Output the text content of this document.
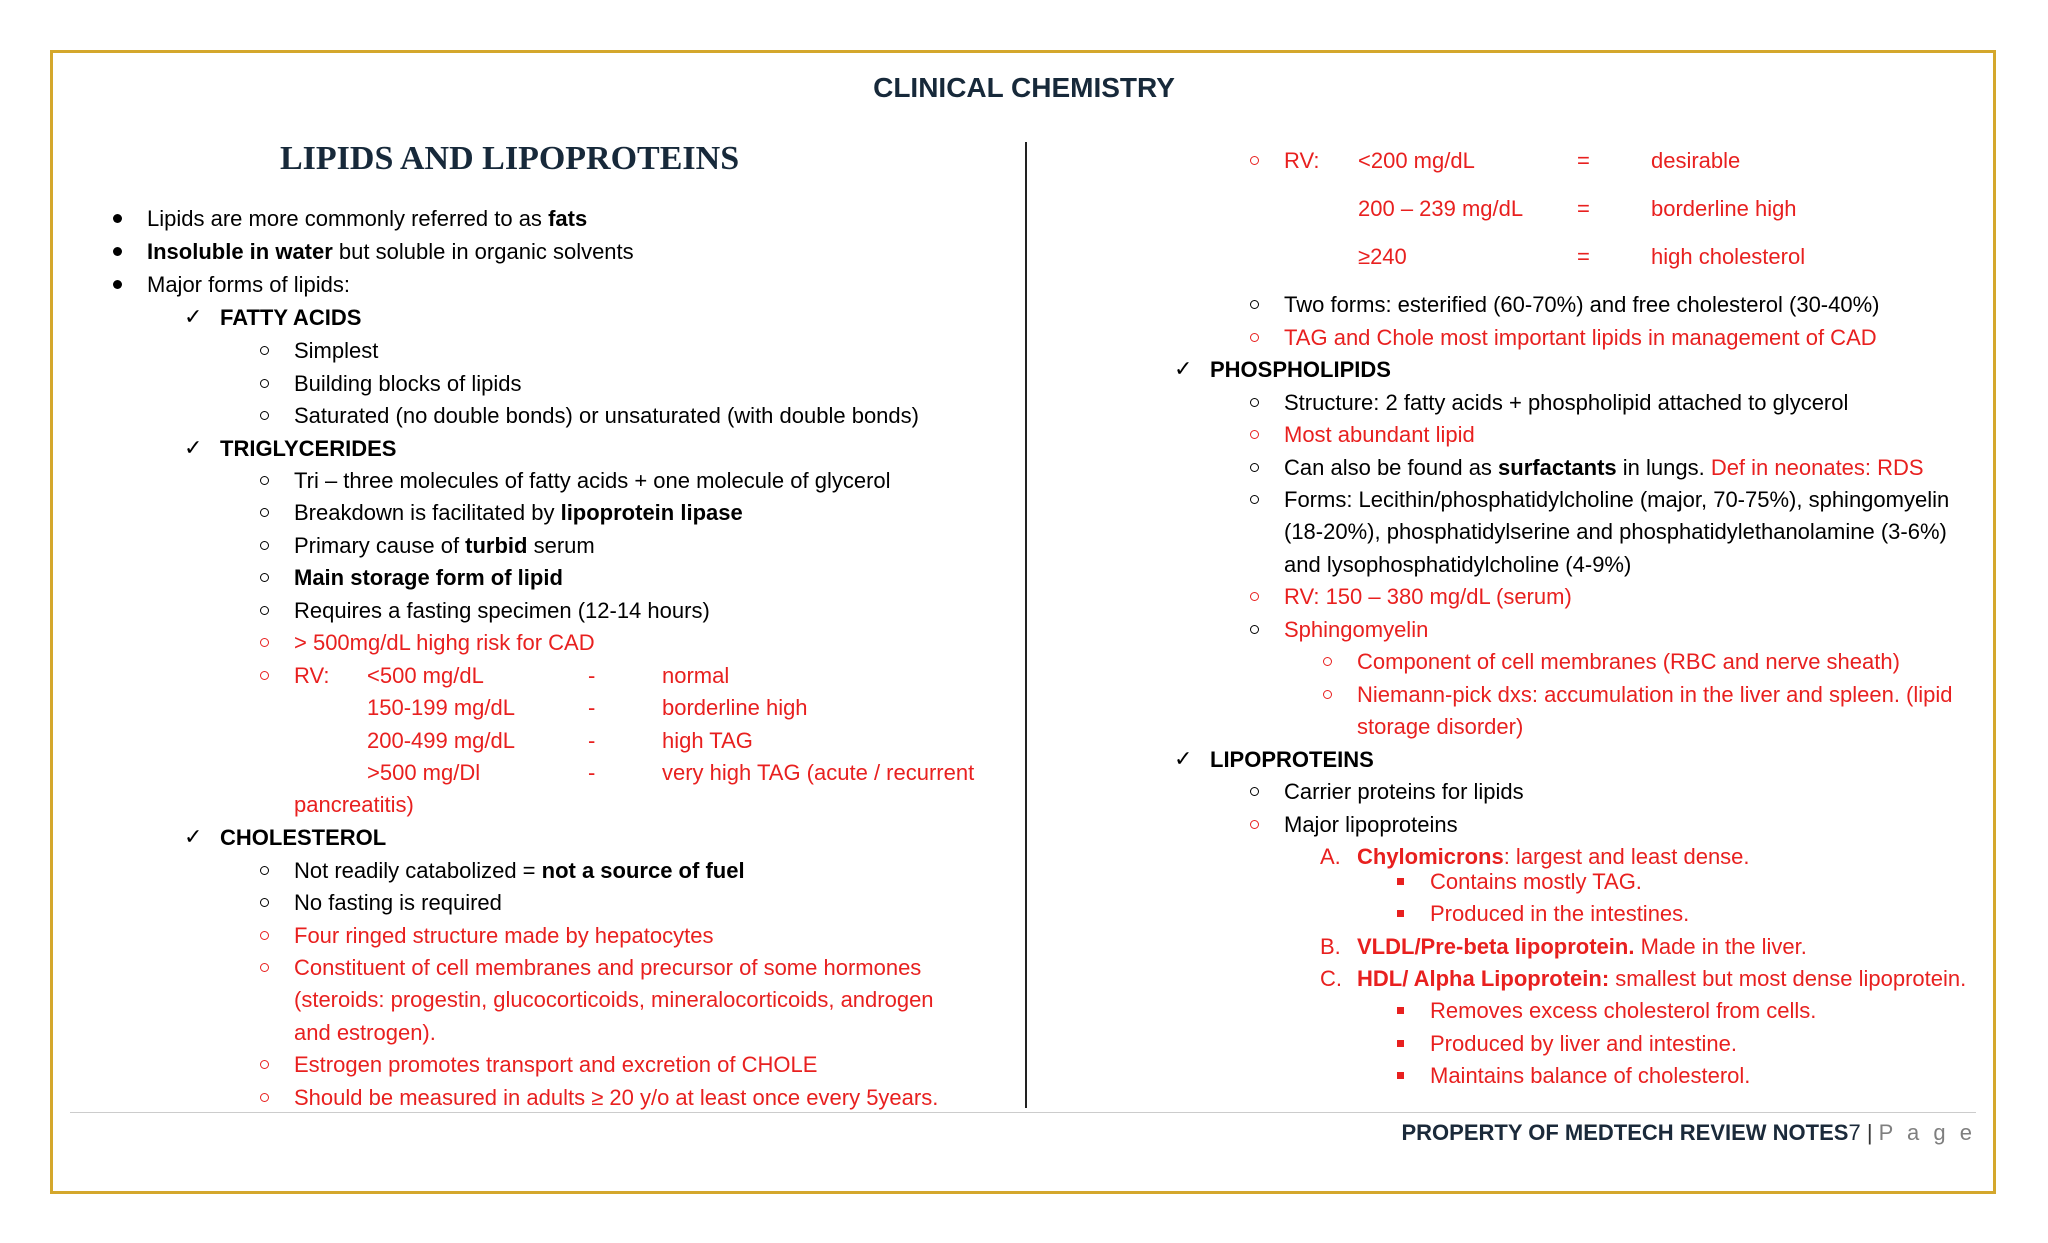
CLINICAL CHEMISTRY
LIPIDS AND LIPOPROTEINS
Lipids are more commonly referred to as fats
Insoluble in water but soluble in organic solvents
Major forms of lipids:
✓ FATTY ACIDS
Simplest
Building blocks of lipids
Saturated (no double bonds) or unsaturated (with double bonds)
✓ TRIGLYCERIDES
Tri – three molecules of fatty acids + one molecule of glycerol
Breakdown is facilitated by lipoprotein lipase
Primary cause of turbid serum
Main storage form of lipid
Requires a fasting specimen (12-14 hours)
> 500mg/dL highg risk for CAD
RV: <500 mg/dL	-	normal
150-199 mg/dL	-	borderline high
200-499 mg/dL	-	high TAG
>500 mg/Dl	-	very high TAG (acute / recurrent
pancreatitis)
✓ CHOLESTEROL
Not readily catabolized = not a source of fuel
No fasting is required
Four ringed structure made by hepatocytes
Constituent of cell membranes and precursor of some hormones
(steroids: progestin, glucocorticoids, mineralocorticoids, androgen
and estrogen).
Estrogen promotes transport and excretion of CHOLE
Should be measured in adults ≥ 20 y/o at least once every 5years.
RV: <200 mg/dL	=	desirable
200 – 239 mg/dL =	borderline high
≥240	=	high cholesterol
Two forms: esterified (60-70%) and free cholesterol (30-40%)
TAG and Chole most important lipids in management of CAD
✓ PHOSPHOLIPIDS
Structure: 2 fatty acids + phospholipid attached to glycerol
Most abundant lipid
Can also be found as surfactants in lungs. Def in neonates: RDS
Forms: Lecithin/phosphatidylcholine (major, 70-75%), sphingomyelin
(18-20%), phosphatidylserine and phosphatidylethanolamine (3-6%)
and lysophosphatidylcholine (4-9%)
RV: 150 – 380 mg/dL (serum)
Sphingomyelin
Component of cell membranes (RBC and nerve sheath)
Niemann-pick dxs: accumulation in the liver and spleen. (lipid
storage disorder)
✓ LIPOPROTEINS
Carrier proteins for lipids
Major lipoproteins
A. Chylomicrons: largest and least dense.
Contains mostly TAG.
Produced in the intestines.
B. VLDL/Pre-beta lipoprotein. Made in the liver.
C. HDL/ Alpha Lipoprotein: smallest but most dense lipoprotein.
Removes excess cholesterol from cells.
Produced by liver and intestine.
Maintains balance of cholesterol.
PROPERTY OF MEDTECH REVIEW NOTES7 | P a g e
